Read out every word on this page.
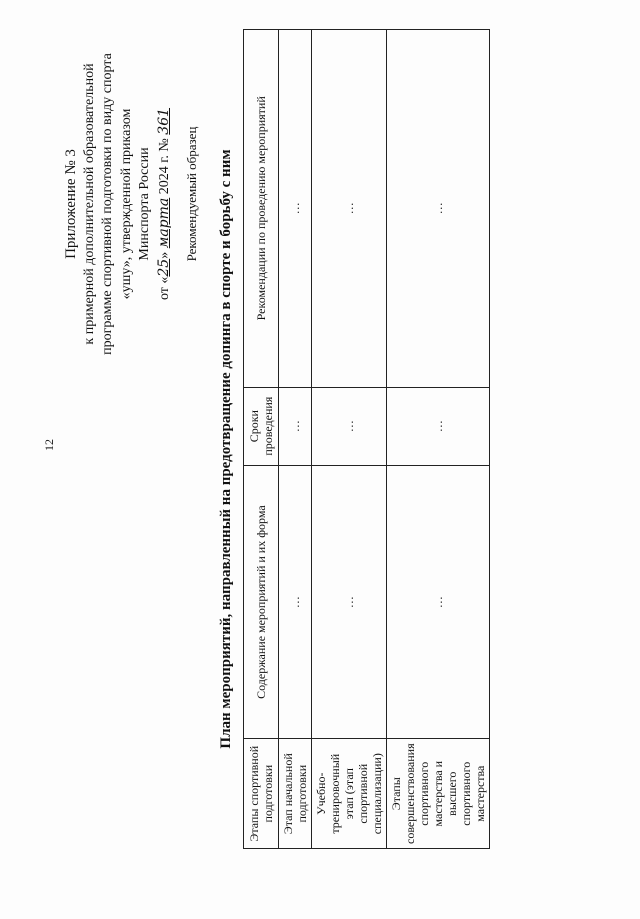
12
Приложение № 3 к примерной дополнительной образовательной программе спортивной подготовки по виду спорта «ушу», утвержденной приказом Минспорта России
от «25» марта 2024 г. № 361
Рекомендуемый образец План мероприятий, направленный на предотвращение допинга в спорте и борьбу с ним
Этапы спортивной подготовки	Содержание мероприятий и их форма	Сроки проведения	Рекомендации по проведению мероприятий
Этап начальной подготовки	…	…	…
Учебно-тренировочный этап (этап спортивной специализации)	…	…	…
Этапы совершенствования спортивного мастерства и высшего спортивного мастерства	…	…	…
